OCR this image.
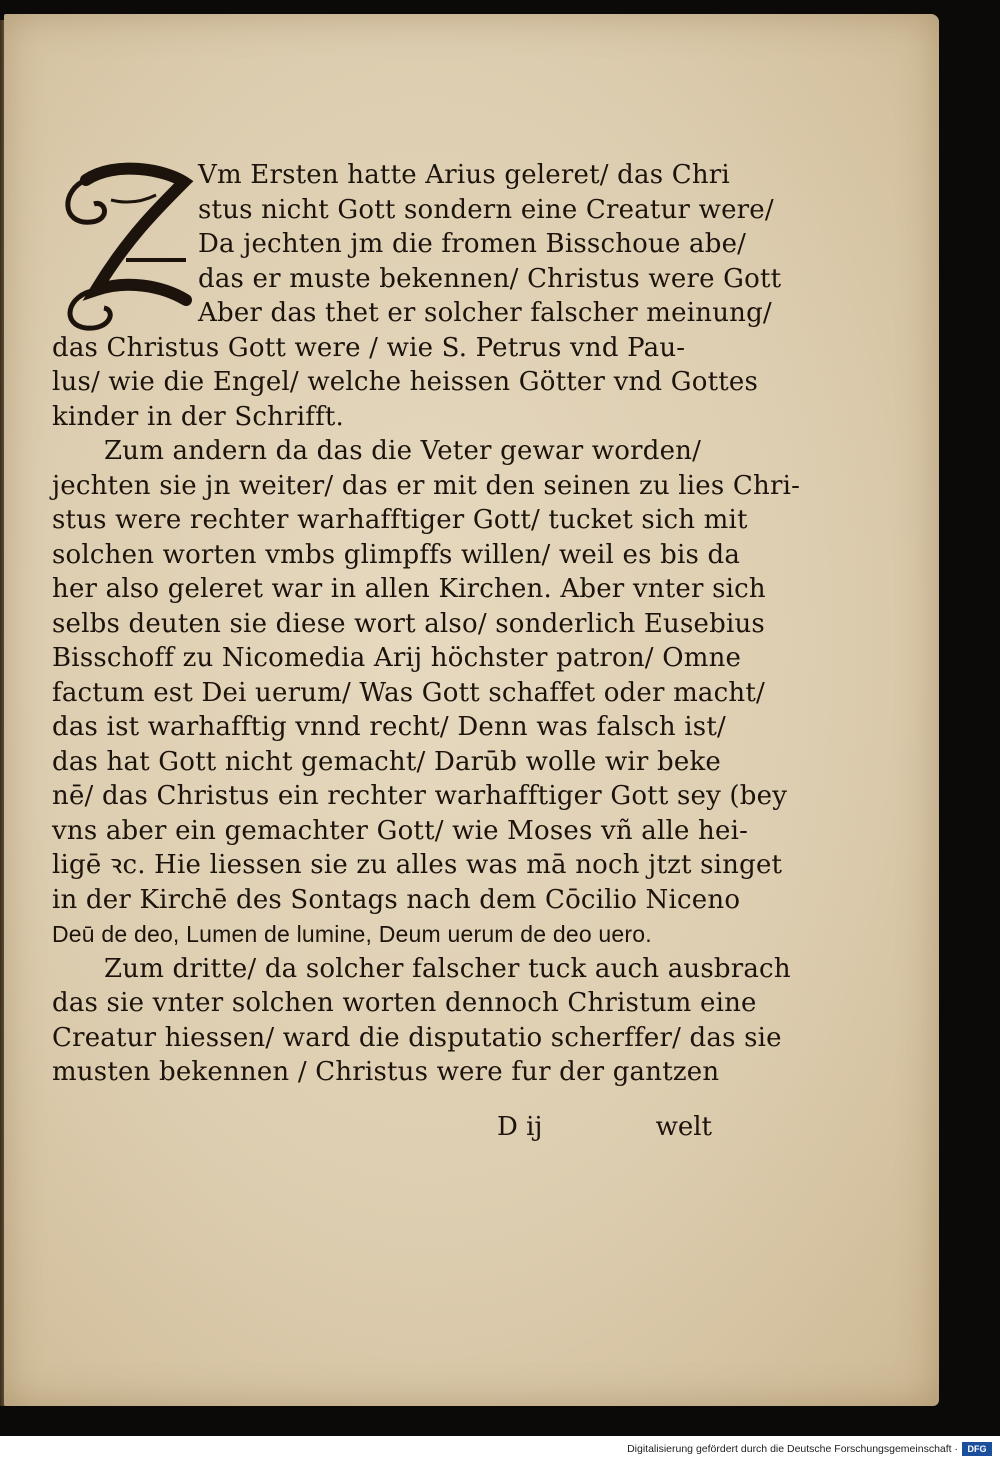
Vm Ersten hatte Arius geleret/ das Chri
stus nicht Gott sondern eine Creatur were/
Da jechten jm die fromen Bisschoue abe/
das er muste bekennen/ Christus were Gott
Aber das thet er solcher falscher meinung/
das Christus Gott were / wie S. Petrus vnd Pau-
lus/ wie die Engel/ welche heissen Götter vnd Gottes
kinder in der Schrifft.
Zum andern da das die Veter gewar worden/
jechten sie jn weiter/ das er mit den seinen zu lies Chri-
stus were rechter warhafftiger Gott/ tucket sich mit
solchen worten vmbs glimpffs willen/ weil es bis da
her also geleret war in allen Kirchen. Aber vnter sich
selbs deuten sie diese wort also/ sonderlich Eusebius
Bisschoff zu Nicomedia Arij höchster patron/ Omne
factum est Dei uerum/ Was Gott schaffet oder macht/
das ist warhafftig vnnd recht/ Denn was falsch ist/
das hat Gott nicht gemacht/ Darūb wolle wir beke
nē/ das Christus ein rechter warhafftiger Gott sey (bey
vns aber ein gemachter Gott/ wie Moses vñ alle hei-
ligē ꝛc. Hie liessen sie zu alles was mā noch jtzt singet
in der Kirchē des Sontags nach dem Cōcilio Niceno
Deū de deo, Lumen de lumine, Deum uerum de deo uero.
Zum dritte/ da solcher falscher tuck auch ausbrach
das sie vnter solchen worten dennoch Christum eine
Creatur hiessen/ ward die disputatio scherffer/ das sie
musten bekennen / Christus were fur der gantzen
D ij	welt
Digitalisierung gefördert durch die Deutsche Forschungsgemeinschaft ·	DFG
